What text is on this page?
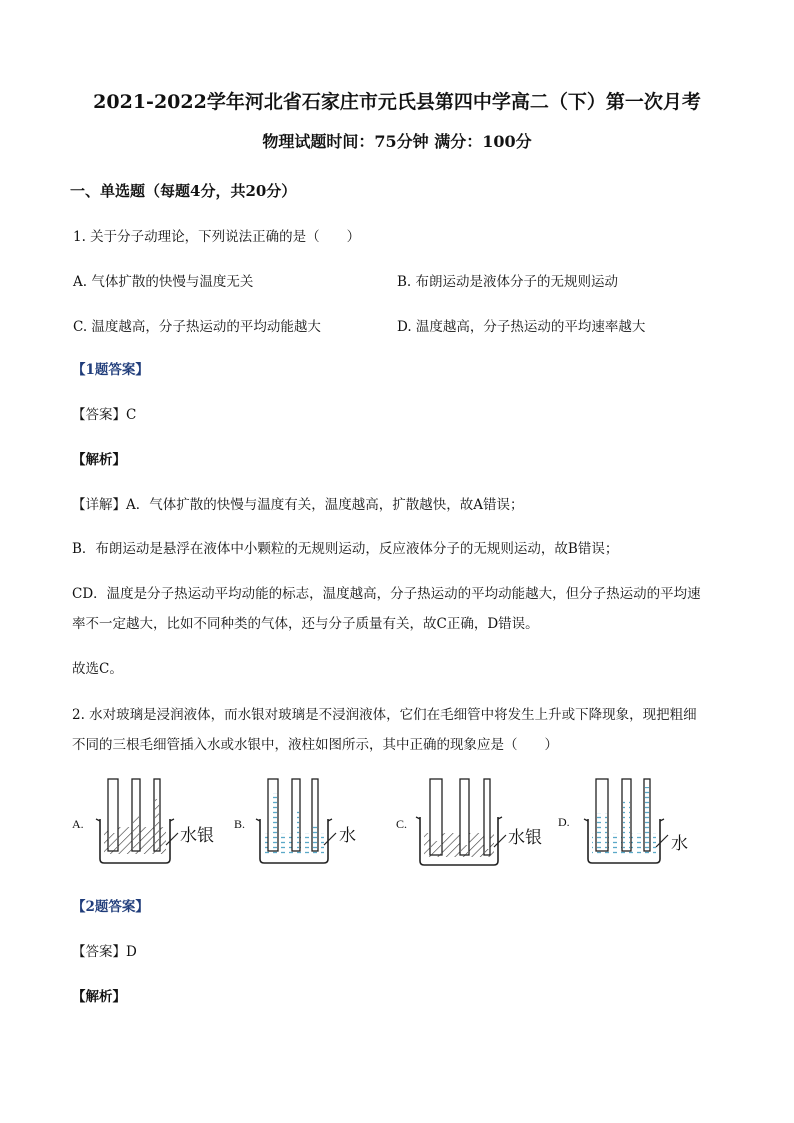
2021-2022学年河北省石家庄市元氏县第四中学高二（下）第一次月考
物理试题时间：75分钟 满分：100分
一、单选题（每题4分，共20分）
1. 关于分子动理论，下列说法正确的是（　　）
A. 气体扩散的快慢与温度无关	B. 布朗运动是液体分子的无规则运动
C. 温度越高，分子热运动的平均动能越大	D. 温度越高，分子热运动的平均速率越大
【1题答案】
【答案】C
【解析】
【详解】A．气体扩散的快慢与温度有关，温度越高，扩散越快，故A错误；
B．布朗运动是悬浮在液体中小颗粒的无规则运动，反应液体分子的无规则运动，故B错误；
CD．温度是分子热运动平均动能的标志，温度越高，分子热运动的平均动能越大，但分子热运动的平均速
率不一定越大，比如不同种类的气体，还与分子质量有关，故C正确，D错误。
故选C。
2. 水对玻璃是浸润液体，而水银对玻璃是不浸润液体，它们在毛细管中将发生上升或下降现象，现把粗细
不同的三根毛细管插入水或水银中，液柱如图所示，其中正确的现象应是（　　）
A.
水银
B.
水
C.
水银
D.
水
【2题答案】
【答案】D
【解析】
